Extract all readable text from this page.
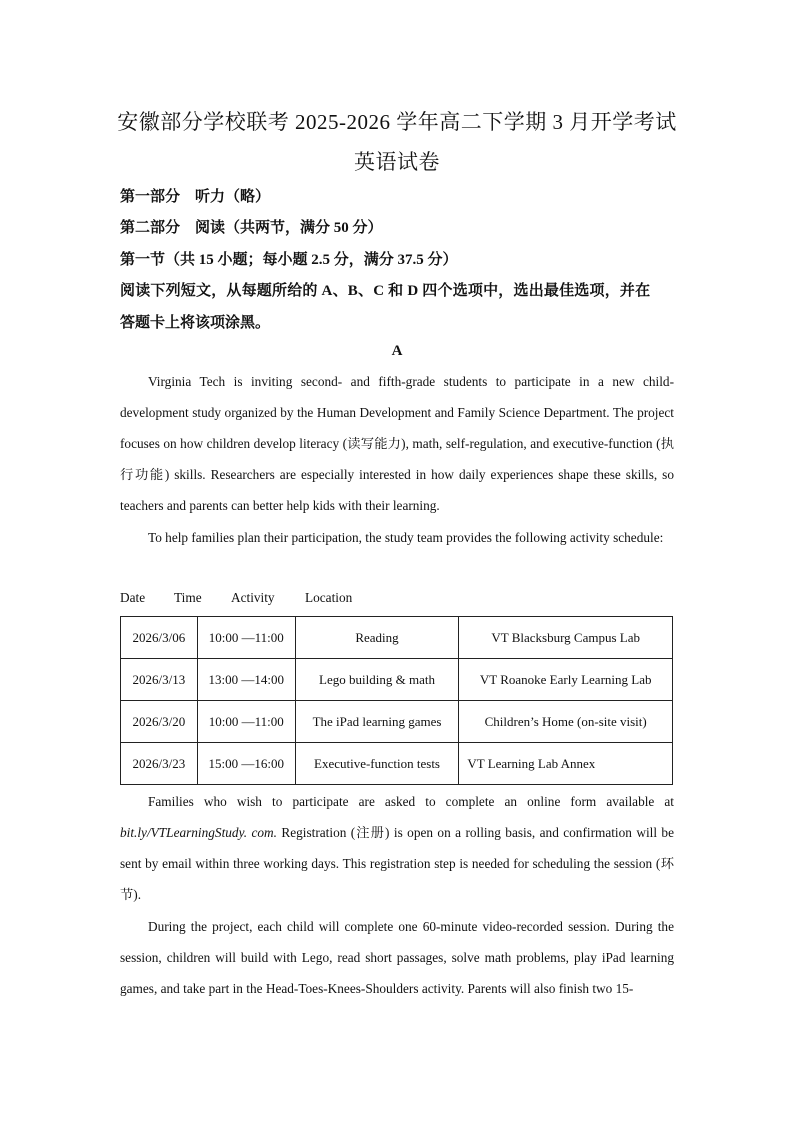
安徽部分学校联考 2025-2026 学年高二下学期 3 月开学考试
英语试卷
第一部分　听力（略）
第二部分　阅读（共两节，满分 50 分）
第一节（共 15 小题；每小题 2.5 分，满分 37.5 分）
阅读下列短文，从每题所给的 A、B、C 和 D 四个选项中，选出最佳选项，并在
答题卡上将该项涂黑。
A
Virginia Tech is inviting second- and fifth-grade students to participate in a new child-development study organized by the Human Development and Family Science Department. The project focuses on how children develop literacy (读写能力), math, self-regulation, and executive-function (执行功能) skills. Researchers are especially interested in how daily experiences shape these skills, so teachers and parents can better help kids with their learning.
To help families plan their participation, the study team provides the following activity schedule:
Date Time Activity Location
2026/3/06	10:00 —11:00	Reading	VT Blacksburg Campus Lab
2026/3/13	13:00 —14:00	Lego building & math	VT Roanoke Early Learning Lab
2026/3/20	10:00 —11:00	The iPad learning games	Children’s Home (on-site visit)
2026/3/23	15:00 —16:00	Executive-function tests	VT Learning Lab Annex
Families who wish to participate are asked to complete an online form available at bit.ly/VTLearningStudy. com. Registration (注册) is open on a rolling basis, and confirmation will be sent by email within three working days. This registration step is needed for scheduling the session (环节).
During the project, each child will complete one 60-minute video-recorded session. During the session, children will build with Lego, read short passages, solve math problems, play iPad learning games, and take part in the Head-Toes-Knees-Shoulders activity. Parents will also finish two 15-
